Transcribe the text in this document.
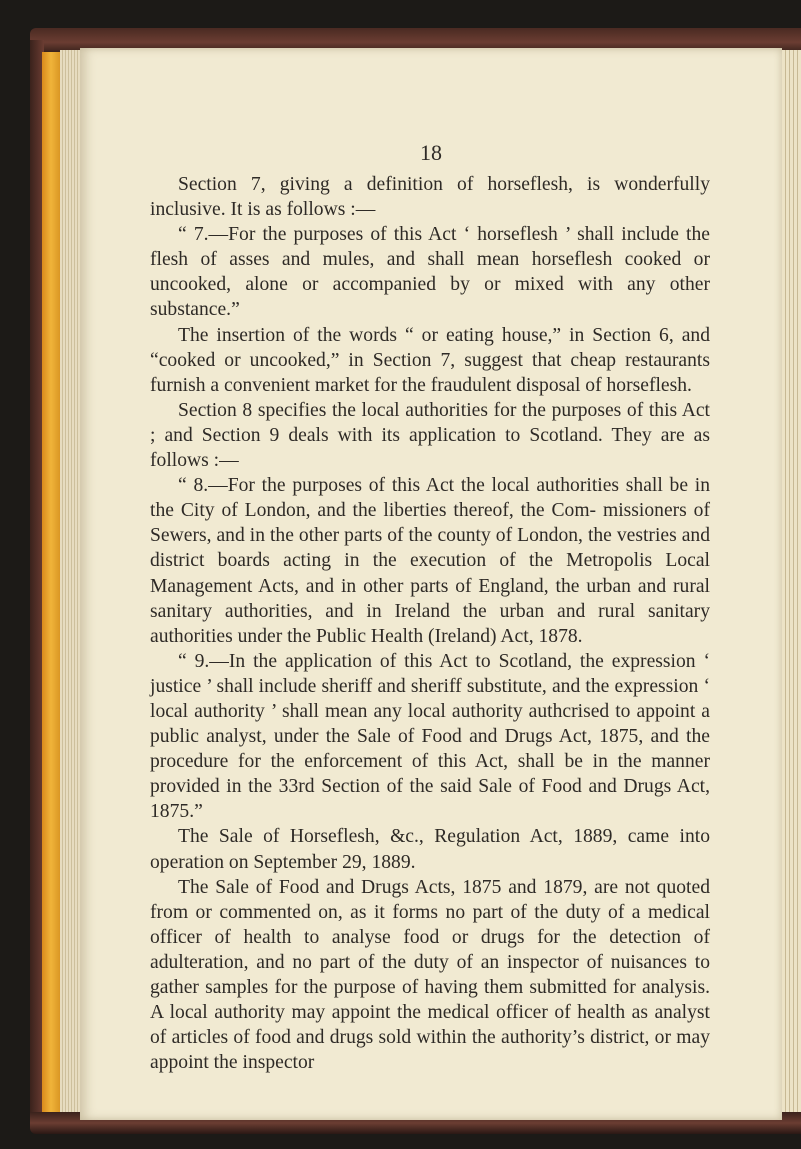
18

Section 7, giving a definition of horseflesh, is wonderfully inclusive. It is as follows :—

“ 7.—For the purposes of this Act ‘ horseflesh ’ shall include the flesh of asses and mules, and shall mean horseflesh cooked or uncooked, alone or accompanied by or mixed with any other substance.”

The insertion of the words “ or eating house,” in Section 6, and “cooked or uncooked,” in Section 7, suggest that cheap restaurants furnish a convenient market for the fraudulent disposal of horseflesh.

Section 8 specifies the local authorities for the purposes of this Act ; and Section 9 deals with its application to Scotland. They are as follows :—

“ 8.—For the purposes of this Act the local authorities shall be in the City of London, and the liberties thereof, the Com- missioners of Sewers, and in the other parts of the county of London, the vestries and district boards acting in the execution of the Metropolis Local Management Acts, and in other parts of England, the urban and rural sanitary authorities, and in Ireland the urban and rural sanitary authorities under the Public Health (Ireland) Act, 1878.

“ 9.—In the application of this Act to Scotland, the expression ‘ justice ’ shall include sheriff and sheriff substitute, and the expression ‘ local authority ’ shall mean any local authority authcrised to appoint a public analyst, under the Sale of Food and Drugs Act, 1875, and the procedure for the enforcement of this Act, shall be in the manner provided in the 33rd Section of the said Sale of Food and Drugs Act, 1875.”

The Sale of Horseflesh, &c., Regulation Act, 1889, came into operation on September 29, 1889.

The Sale of Food and Drugs Acts, 1875 and 1879, are not quoted from or commented on, as it forms no part of the duty of a medical officer of health to analyse food or drugs for the detection of adulteration, and no part of the duty of an inspector of nuisances to gather samples for the purpose of having them submitted for analysis. A local authority may appoint the medical officer of health as analyst of articles of food and drugs sold within the authority’s district, or may appoint the inspector
